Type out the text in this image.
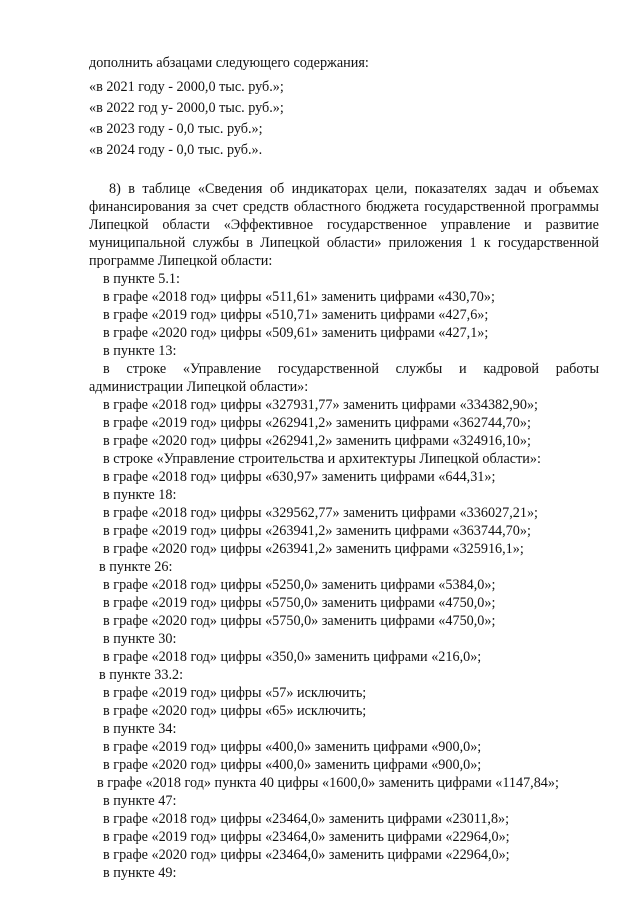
дополнить абзацами следующего содержания:
«в 2021 году - 2000,0 тыс. руб.»;
«в 2022 год у- 2000,0 тыс. руб.»;
«в 2023 году - 0,0 тыс. руб.»;
«в 2024 году - 0,0 тыс. руб.».
8) в таблице «Сведения об индикаторах цели, показателях задач и объемах
финансирования за счет средств областного бюджета государственной программы
Липецкой области «Эффективное государственное управление и развитие
муниципальной службы в Липецкой области» приложения 1 к государственной
программе Липецкой области:
в пункте 5.1:
в графе «2018 год» цифры «511,61» заменить цифрами «430,70»;
в графе «2019 год» цифры «510,71» заменить цифрами «427,6»;
в графе «2020 год» цифры «509,61» заменить цифрами «427,1»;
в пункте 13:
в строке «Управление государственной службы и кадровой работы
администрации Липецкой области»:
в графе «2018 год» цифры «327931,77» заменить цифрами «334382,90»;
в графе «2019 год» цифры «262941,2» заменить цифрами «362744,70»;
в графе «2020 год» цифры «262941,2» заменить цифрами «324916,10»;
в строке «Управление строительства и архитектуры Липецкой области»:
в графе «2018 год» цифры «630,97» заменить цифрами «644,31»;
в пункте 18:
в графе «2018 год» цифры «329562,77» заменить цифрами «336027,21»;
в графе «2019 год» цифры «263941,2» заменить цифрами «363744,70»;
в графе «2020 год» цифры «263941,2» заменить цифрами «325916,1»;
в пункте 26:
в графе «2018 год» цифры «5250,0» заменить цифрами «5384,0»;
в графе «2019 год» цифры «5750,0» заменить цифрами «4750,0»;
в графе «2020 год» цифры «5750,0» заменить цифрами «4750,0»;
в пункте 30:
в графе «2018 год» цифры «350,0» заменить цифрами «216,0»;
в пункте 33.2:
в графе «2019 год» цифры «57» исключить;
в графе «2020 год» цифры «65» исключить;
в пункте 34:
в графе «2019 год» цифры «400,0» заменить цифрами «900,0»;
в графе «2020 год» цифры «400,0» заменить цифрами «900,0»;
в графе «2018 год» пункта 40 цифры «1600,0» заменить цифрами «1147,84»;
в пункте 47:
в графе «2018 год» цифры «23464,0» заменить цифрами «23011,8»;
в графе «2019 год» цифры «23464,0» заменить цифрами «22964,0»;
в графе «2020 год» цифры «23464,0» заменить цифрами «22964,0»;
в пункте 49:
